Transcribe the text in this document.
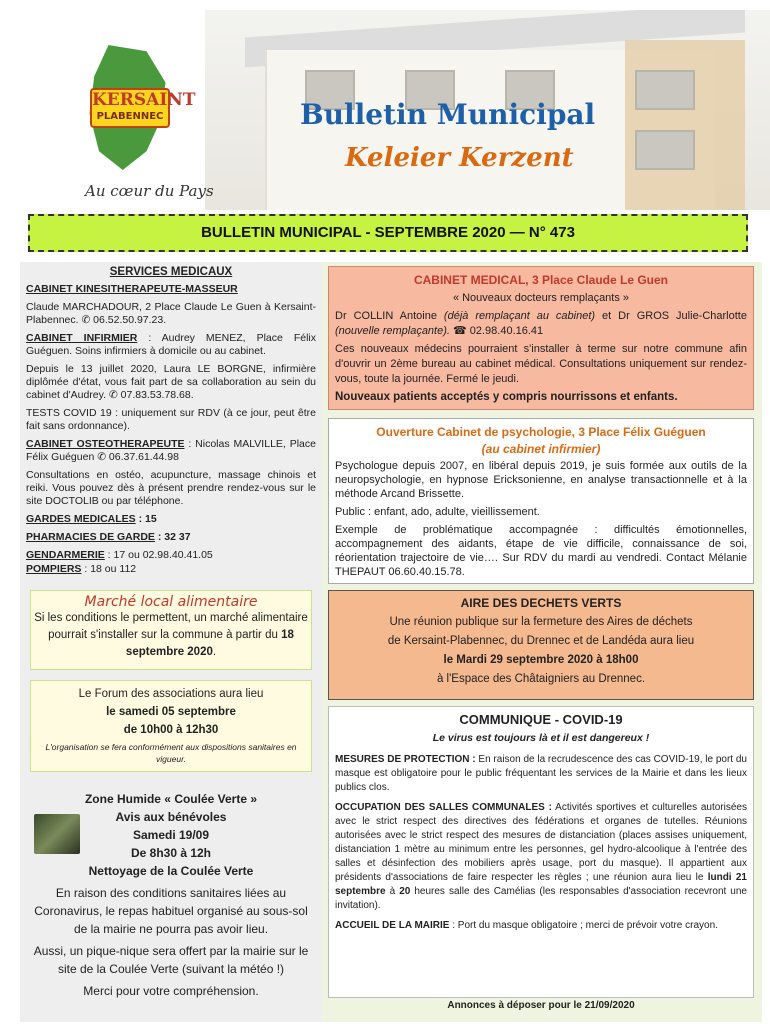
KERSAINT
PLABENNEC
Au cœur du Pays
Bulletin Municipal
Keleier Kerzent
BULLETIN MUNICIPAL - SEPTEMBRE 2020 — N° 473
SERVICES MEDICAUX

CABINET KINESITHERAPEUTE-MASSEUR

Claude MARCHADOUR, 2 Place Claude Le Guen à Kersaint-Plabennec. ✆ 06.52.50.97.23.

CABINET INFIRMIER : Audrey MENEZ, Place Félix Guéguen. Soins infirmiers à domicile ou au cabinet.

Depuis le 13 juillet 2020, Laura LE BORGNE, infirmière diplômée d'état, vous fait part de sa collaboration au sein du cabinet d'Audrey. ✆ 07.83.53.78.68.

TESTS COVID 19 : uniquement sur RDV (à ce jour, peut être fait sans ordonnance).

CABINET OSTEOTHERAPEUTE : Nicolas MALVILLE, Place Félix Guéguen ✆ 06.37.61.44.98

Consultations en ostéo, acupuncture, massage chinois et reiki. Vous pouvez dès à présent prendre rendez-vous sur le site DOCTOLIB ou par téléphone.

GARDES MEDICALES : 15

PHARMACIES DE GARDE : 32 37

GENDARMERIE : 17 ou 02.98.40.41.05

POMPIERS : 18 ou 112

Marché local alimentaire
Si les conditions le permettent, un marché alimentaire pourrait s'installer sur la commune à partir du 18 septembre 2020.
Le Forum des associations aura lieu
le samedi 05 septembre
de 10h00 à 12h30
L'organisation se fera conformément aux dispositions sanitaires en vigueur.
Zone Humide « Coulée Verte »
Avis aux bénévoles
Samedi 19/09
De 8h30 à 12h
Nettoyage de la Coulée Verte

En raison des conditions sanitaires liées au Coronavirus, le repas habituel organisé au sous-sol de la mairie ne pourra pas avoir lieu.

Aussi, un pique-nique sera offert par la mairie sur le site de la Coulée Verte (suivant la météo !)

Merci pour votre compréhension.

CABINET MEDICAL, 3 Place Claude Le Guen
« Nouveaux docteurs remplaçants »

Dr COLLIN Antoine (déjà remplaçant au cabinet) et Dr GROS Julie-Charlotte (nouvelle remplaçante). ☎ 02.98.40.16.41

Ces nouveaux médecins pourraient s'installer à terme sur notre commune afin d'ouvrir un 2ème bureau au cabinet médical. Consultations uniquement sur rendez-vous, toute la journée. Fermé le jeudi.

Nouveaux patients acceptés y compris nourrissons et enfants.

Ouverture Cabinet de psychologie, 3 Place Félix Guéguen
(au cabinet infirmier)

Psychologue depuis 2007, en libéral depuis 2019, je suis formée aux outils de la neuropsychologie, en hypnose Ericksonienne, en analyse transactionnelle et à la méthode Arcand Brissette.

Public : enfant, ado, adulte, vieillissement.

Exemple de problématique accompagnée : difficultés émotionnelles, accompagnement des aidants, étape de vie difficile, connaissance de soi, réorientation trajectoire de vie…. Sur RDV du mardi au vendredi. Contact Mélanie THEPAUT 06.60.40.15.78.

AIRE DES DECHETS VERTS
Une réunion publique sur la fermeture des Aires de déchets
de Kersaint-Plabennec, du Drennec et de Landéda aura lieu
le Mardi 29 septembre 2020 à 18h00
à l'Espace des Châtaigniers au Drennec.
COMMUNIQUE - COVID-19
Le virus est toujours là et il est dangereux !

MESURES DE PROTECTION : En raison de la recrudescence des cas COVID-19, le port du masque est obligatoire pour le public fréquentant les services de la Mairie et dans les lieux publics clos.

OCCUPATION DES SALLES COMMUNALES : Activités sportives et culturelles autorisées avec le strict respect des directives des fédérations et organes de tutelles. Réunions autorisées avec le strict respect des mesures de distanciation (places assises uniquement, distanciation 1 mètre au minimum entre les personnes, gel hydro-alcoolique à l'entrée des salles et désinfection des mobiliers après usage, port du masque). Il appartient aux présidents d'associations de faire respecter les règles ; une réunion aura lieu le lundi 21 septembre à 20 heures salle des Camélias (les responsables d'association recevront une invitation).

ACCUEIL DE LA MAIRIE : Port du masque obligatoire ; merci de prévoir votre crayon.

Annonces à déposer pour le 21/09/2020
